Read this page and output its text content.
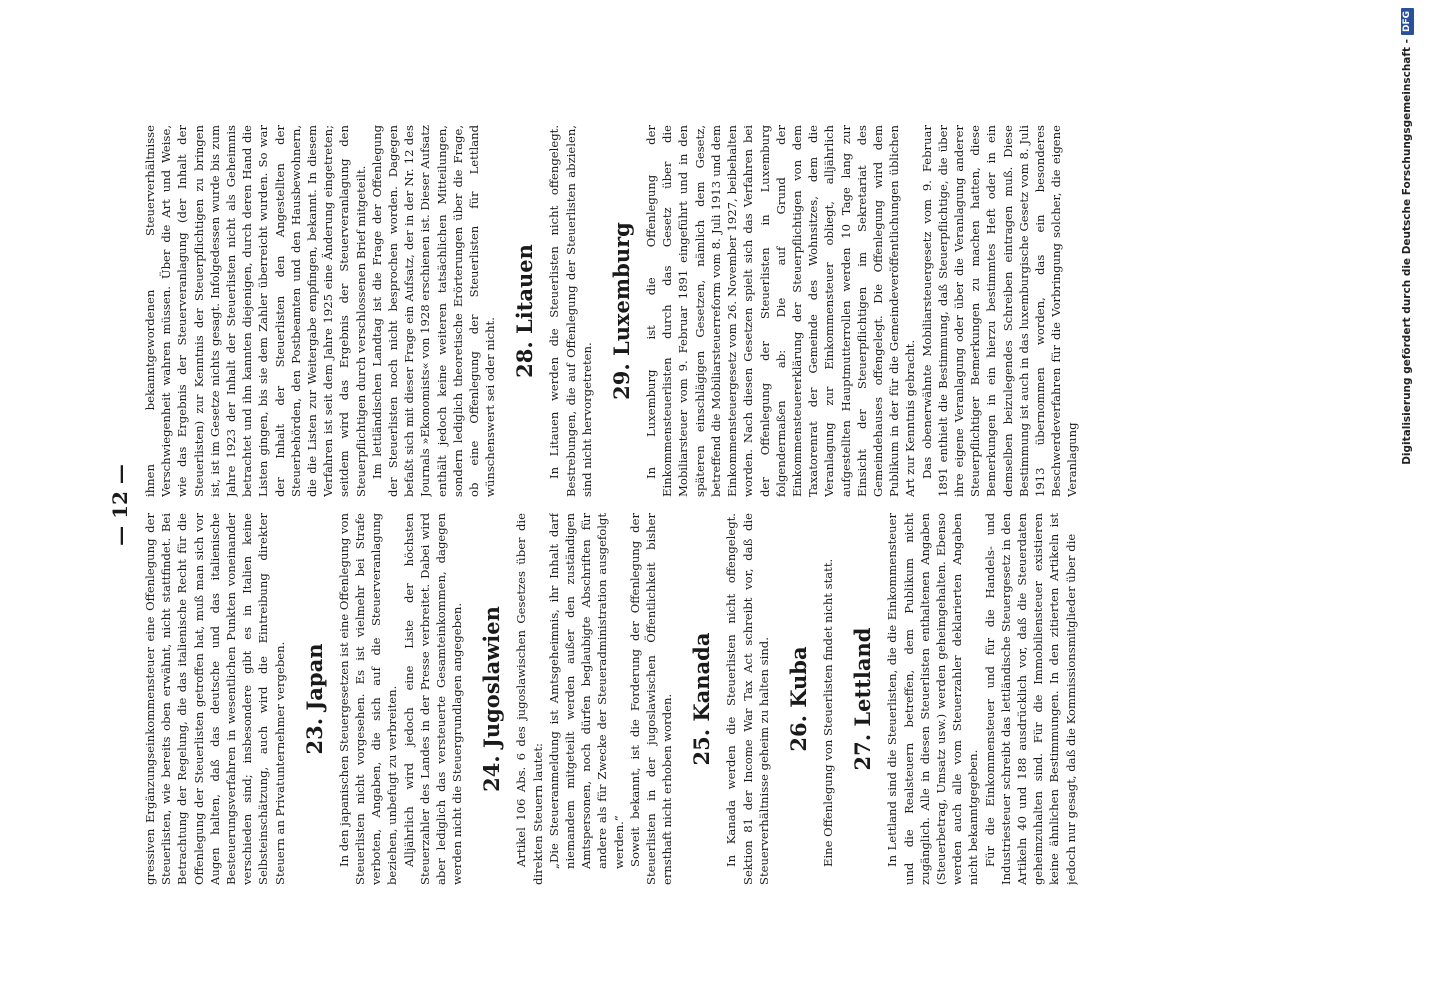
— 12 —

gressiven Ergänzungseinkommensteuer eine Offenlegung der Steuerlisten, wie bereits oben erwähnt, nicht stattfindet. Bei Betrachtung der Regelung, die das italienische Recht für die Offenlegung der Steuerlisten getroffen hat, muß man sich vor Augen halten, daß das deutsche und das italienische Besteuerungsverfahren in wesentlichen Punkten voneinander verschieden sind; insbesondere gibt es in Italien keine Selbsteinschätzung, auch wird die Eintreibung direkter Steuern an Privatunternehmer vergeben. 23. Japan In den japanischen Steuergesetzen ist eine Offenlegung von Steuerlisten nicht vorgesehen. Es ist vielmehr bei Strafe verboten, Angaben, die sich auf die Steuerveranlagung beziehen, unbefugt zu verbreiten. Alljährlich wird jedoch eine Liste der höchsten Steuerzahler des Landes in der Presse verbreitet. Dabei wird aber lediglich das versteuerte Gesamteinkommen, dagegen werden nicht die Steuergrundlagen angegeben. 24. Jugoslawien Artikel 106 Abs. 6 des jugoslawischen Gesetzes über die direkten Steuern lautet: „Die Steueranmeldung ist Amtsgeheimnis, ihr Inhalt darf niemandem mitgeteilt werden außer den zuständigen Amtspersonen, noch dürfen beglaubigte Abschriften für andere als für Zwecke der Steueradministration ausgefolgt werden.“ Soweit bekannt, ist die Forderung der Offenlegung der Steuerlisten in der jugoslawischen Öffentlichkeit bisher ernsthaft nicht erhoben worden. 25. Kanada In Kanada werden die Steuerlisten nicht offengelegt. Sektion 81 der Income War Tax Act schreibt vor, daß die Steuerverhältnisse geheim zu halten sind. 26. Kuba Eine Offenlegung von Steuerlisten findet nicht statt. 27. Lettland In Lettland sind die Steuerlisten, die die Einkommensteuer und die Realsteuern betreffen, dem Publikum nicht zugänglich. Alle in diesen Steuerlisten enthaltenen Angaben (Steuerbetrag, Umsatz usw.) werden geheimgehalten. Ebenso werden auch alle vom Steuerzahler deklarierten Angaben nicht bekanntgegeben. Für die Einkommensteuer und für die Handels- und Industriesteuer schreibt das lettländische Steuergesetz in den Artikeln 40 und 188 ausdrücklich vor, daß die Steuerdaten geheimzuhalten sind. Für die Immobiliensteuer existieren keine ähnlichen Bestimmungen. In den zitierten Artikeln ist jedoch nur gesagt, daß die Kommissionsmitglieder über die

ihnen bekanntgewordenen Steuerverhältnisse Verschwiegenheit wahren müssen. Über die Art und Weise, wie das Ergebnis der Steuerveranlagung (der Inhalt der Steuerlisten) zur Kenntnis der Steuerpflichtigen zu bringen ist, ist im Gesetze nichts gesagt. Infolgedessen wurde bis zum Jahre 1923 der Inhalt der Steuerlisten nicht als Geheimnis betrachtet und ihn kannten diejenigen, durch deren Hand die Listen gingen, bis sie dem Zahler überreicht wurden. So war der Inhalt der Steuerlisten den Angestellten der Steuerbehörden, den Postbeamten und den Hausbewohnern, die die Listen zur Weitergabe empfingen, bekannt. In diesem Verfahren ist seit dem Jahre 1925 eine Änderung eingetreten; seitdem wird das Ergebnis der Steuerveranlagung den Steuerpflichtigen durch verschlossenen Brief mitgeteilt. Im lettländischen Landtag ist die Frage der Offenlegung der Steuerlisten noch nicht besprochen worden. Dagegen befaßt sich mit dieser Frage ein Aufsatz, der in der Nr. 12 des Journals »Ekonomists« von 1928 erschienen ist. Dieser Aufsatz enthält jedoch keine weiteren tatsächlichen Mitteilungen, sondern lediglich theoretische Erörterungen über die Frage, ob eine Offenlegung der Steuerlisten für Lettland wünschenswert sei oder nicht.

28. Litauen In Litauen werden die Steuerlisten nicht offengelegt. Bestrebungen, die auf Offenlegung der Steuerlisten abzielen, sind nicht hervorgetreten.

29. Luxemburg In Luxemburg ist die Offenlegung der Einkommensteuerlisten durch das Gesetz über die Mobiliarsteuer vom 9. Februar 1891 eingeführt und in den späteren einschlägigen Gesetzen, nämlich dem Gesetz, betreffend die Mobiliarsteuerreform vom 8. Juli 1913 und dem Einkommensteuergesetz vom 26. November 1927, beibehalten worden. Nach diesen Gesetzen spielt sich das Verfahren bei der Offenlegung der Steuerlisten in Luxemburg folgendermaßen ab: Die auf Grund der Einkommensteuererklärung der Steuerpflichtigen von dem Taxatorenrat der Gemeinde des Wohnsitzes, dem die Veranlagung zur Einkommensteuer obliegt, alljährlich aufgestellten Hauptmutterrollen werden 10 Tage lang zur Einsicht der Steuerpflichtigen im Sekretariat des Gemeindehauses offengelegt. Die Offenlegung wird dem Publikum in der für die Gemeindeveröffentlichungen üblichen Art zur Kenntnis gebracht. Das obenerwähnte Mobiliarsteuergesetz vom 9. Februar 1891 enthielt die Bestimmung, daß Steuerpflichtige, die über ihre eigene Veranlagung oder über die Veranlagung anderer Steuerpflichtiger Bemerkungen zu machen hatten, diese Bemerkungen in ein hierzu bestimmtes Heft oder in ein demselben beizulegendes Schreiben eintragen muß. Diese Bestimmung ist auch in das luxemburgische Gesetz vom 8. Juli 1913 übernommen worden, das ein besonderes Beschwerdeverfahren für die Vorbringung solcher, die eigene Veranlagung	Digitalisierung gefördert durch die Deutsche Forschungsgemeinschaft -
DFG
